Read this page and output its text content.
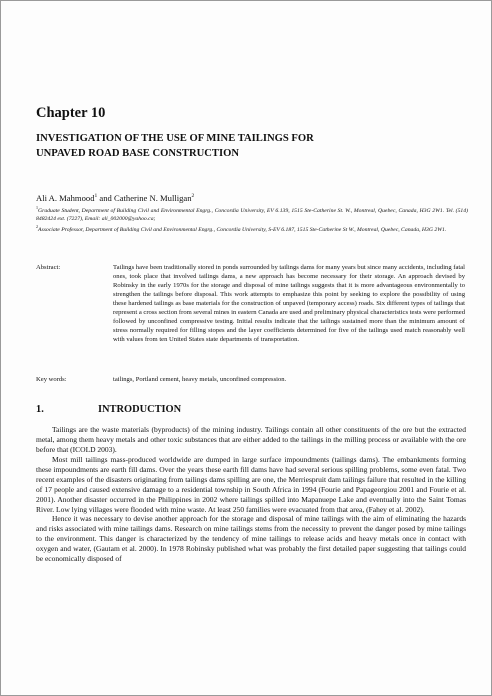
Chapter 10
INVESTIGATION OF THE USE OF MINE TAILINGS FOR
UNPAVED ROAD BASE CONSTRUCTION
Ali A. Mahmood$^1$ and Catherine N. Mulligan$^2$
$^1$Graduate Student, Department of Building Civil and Environmental Engrg., Concordia University, EV 6.139, 1515 Ste-Catherine St. W., Montreal, Quebec, Canada, H3G 2W1. Tel. (514) 8482424 ext. (7227), Email: ali_002000@yahoo.ca;
$^2$Associate Professor, Department of Building Civil and Environmental Engrg., Concordia University, S-EV 6.187, 1515 Ste-Catherine St W., Montreal, Quebec, Canada, H3G 2W1.
Abstract:	Tailings have been traditionally stored in ponds surrounded by tailings dams for many years but since many accidents, including fatal ones, took place that involved tailings dams, a new approach has become necessary for their storage. An approach devised by Robinsky in the early 1970s for the storage and disposal of mine tailings suggests that it is more advantageous environmentally to strengthen the tailings before disposal. This work attempts to emphasize this point by seeking to explore the possibility of using these hardened tailings as base materials for the construction of unpaved (temporary access) roads. Six different types of tailings that represent a cross section from several mines in eastern Canada are used and preliminary physical characteristics tests were performed followed by unconfined compressive testing. Initial results indicate that the tailings sustained more than the minimum amount of stress normally required for filling stopes and the layer coefficients determined for five of the tailings used match reasonably well with values from ten United States state departments of transportation.
Key words:	tailings, Portland cement, heavy metals, unconfined compression.
1.	INTRODUCTION

Tailings are the waste materials (byproducts) of the mining industry. Tailings contain all other constituents of the ore but the extracted metal, among them heavy metals and other toxic substances that are either added to the tailings in the milling process or available with the ore before that (ICOLD 2003).

Most mill tailings mass-produced worldwide are dumped in large surface impoundments (tailings dams). The embankments forming these impoundments are earth fill dams. Over the years these earth fill dams have had several serious spilling problems, some even fatal. Two recent examples of the disasters originating from tailings dams spilling are one, the Merriespruit dam tailings failure that resulted in the killing of 17 people and caused extensive damage to a residential township in South Africa in 1994 (Fourie and Papageorgiou 2001 and Fourie et al. 2001). Another disaster occurred in the Philippines in 2002 where tailings spilled into Mapanuepe Lake and eventually into the Saint Tomas River. Low lying villages were flooded with mine waste. At least 250 families were evacuated from that area, (Fahey et al. 2002).

Hence it was necessary to devise another approach for the storage and disposal of mine tailings with the aim of eliminating the hazards and risks associated with mine tailings dams. Research on mine tailings stems from the necessity to prevent the danger posed by mine tailings to the environment. This danger is characterized by the tendency of mine tailings to release acids and heavy metals once in contact with oxygen and water, (Gautam et al. 2000). In 1978 Robinsky published what was probably the first detailed paper suggesting that tailings could be economically disposed of
